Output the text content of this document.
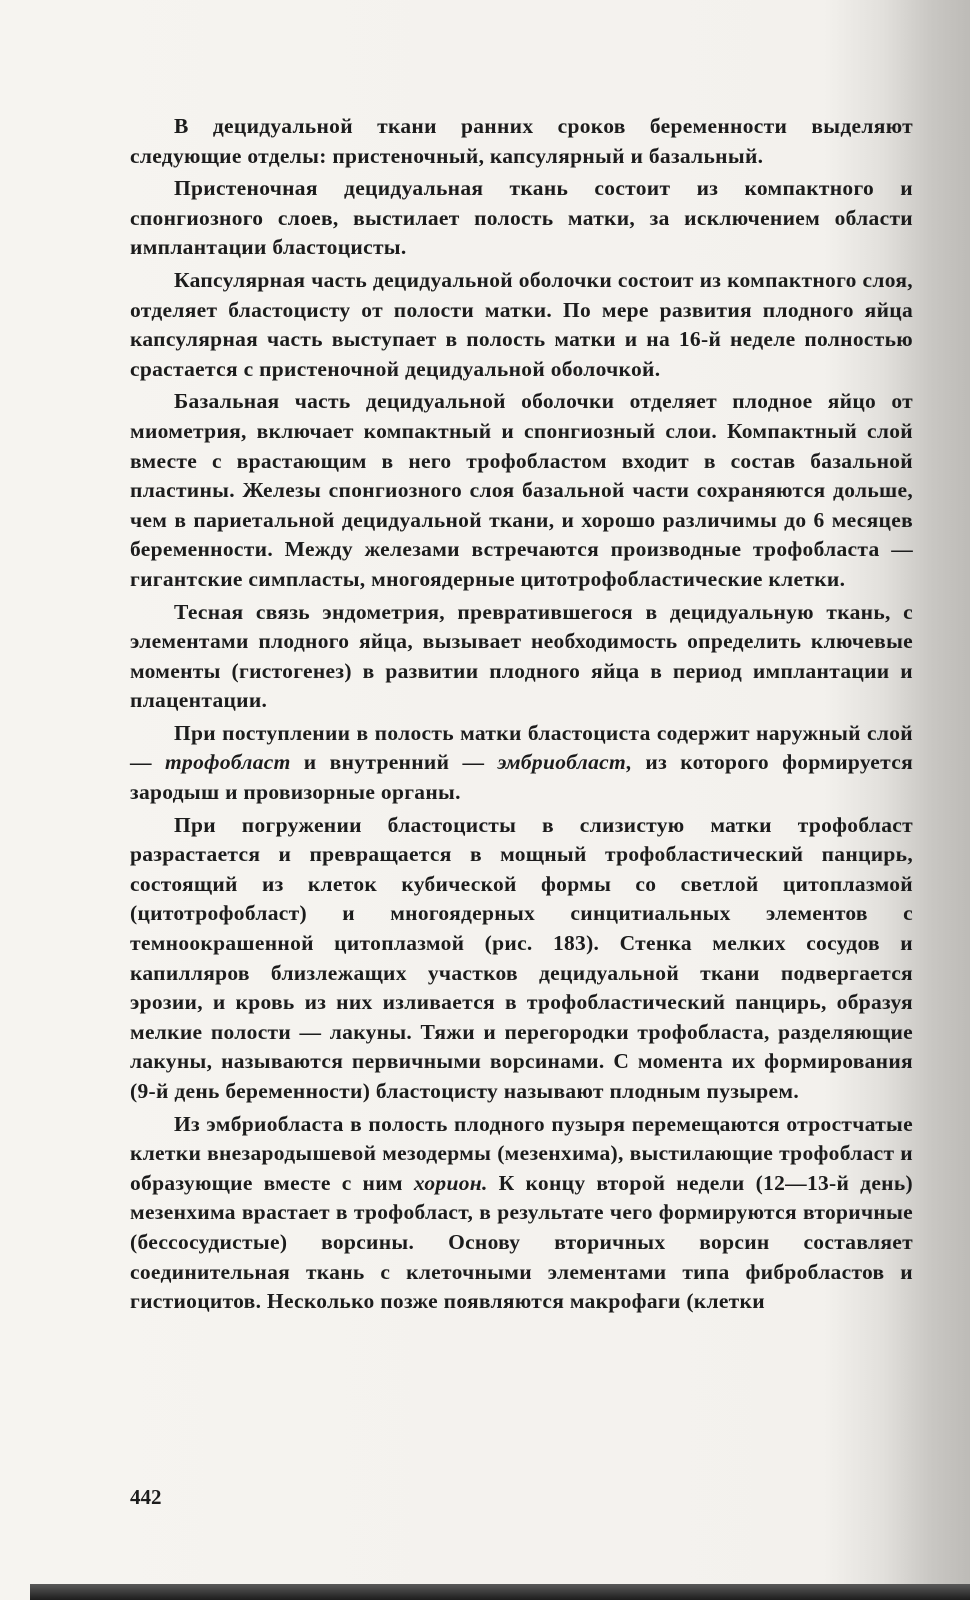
В децидуальной ткани ранних сроков беременности выделяют следующие отделы: пристеночный, капсулярный и базальный.

Пристеночная децидуальная ткань состоит из компактного и спонгиозного слоев, выстилает полость матки, за исключением области имплантации бластоцисты.

Капсулярная часть децидуальной оболочки состоит из компактного слоя, отделяет бластоцисту от полости матки. По мере развития плодного яйца капсулярная часть выступает в полость матки и на 16-й неделе полностью срастается с пристеночной децидуальной оболочкой.

Базальная часть децидуальной оболочки отделяет плодное яйцо от миометрия, включает компактный и спонгиозный слои. Компактный слой вместе с врастающим в него трофобластом входит в состав базальной пластины. Железы спонгиозного слоя базальной части сохраняются дольше, чем в париетальной децидуальной ткани, и хорошо различимы до 6 месяцев беременности. Между железами встречаются производные трофобласта — гигантские симпласты, многоядерные цитотрофобластические клетки.

Тесная связь эндометрия, превратившегося в децидуальную ткань, с элементами плодного яйца, вызывает необходимость определить ключевые моменты (гистогенез) в развитии плодного яйца в период имплантации и плацентации.

При поступлении в полость матки бластоциста содержит наружный слой — трофобласт и внутренний — эмбриобласт, из которого формируется зародыш и провизорные органы.

При погружении бластоцисты в слизистую матки трофобласт разрастается и превращается в мощный трофобластический панцирь, состоящий из клеток кубической формы со светлой цитоплазмой (цитотрофобласт) и многоядерных синцитиальных элементов с темноокрашенной цитоплазмой (рис. 183). Стенка мелких сосудов и капилляров близлежащих участков децидуальной ткани подвергается эрозии, и кровь из них изливается в трофобластический панцирь, образуя мелкие полости — лакуны. Тяжи и перегородки трофобласта, разделяющие лакуны, называются первичными ворсинами. С момента их формирования (9-й день беременности) бластоцисту называют плодным пузырем.

Из эмбриобласта в полость плодного пузыря перемещаются отростчатые клетки внезародышевой мезодермы (мезенхима), выстилающие трофобласт и образующие вместе с ним хорион. К концу второй недели (12—13-й день) мезенхима врастает в трофобласт, в результате чего формируются вторичные (бессосудистые) ворсины. Основу вторичных ворсин составляет соединительная ткань с клеточными элементами типа фибробластов и гистиоцитов. Несколько позже появляются макрофаги (клетки

442
